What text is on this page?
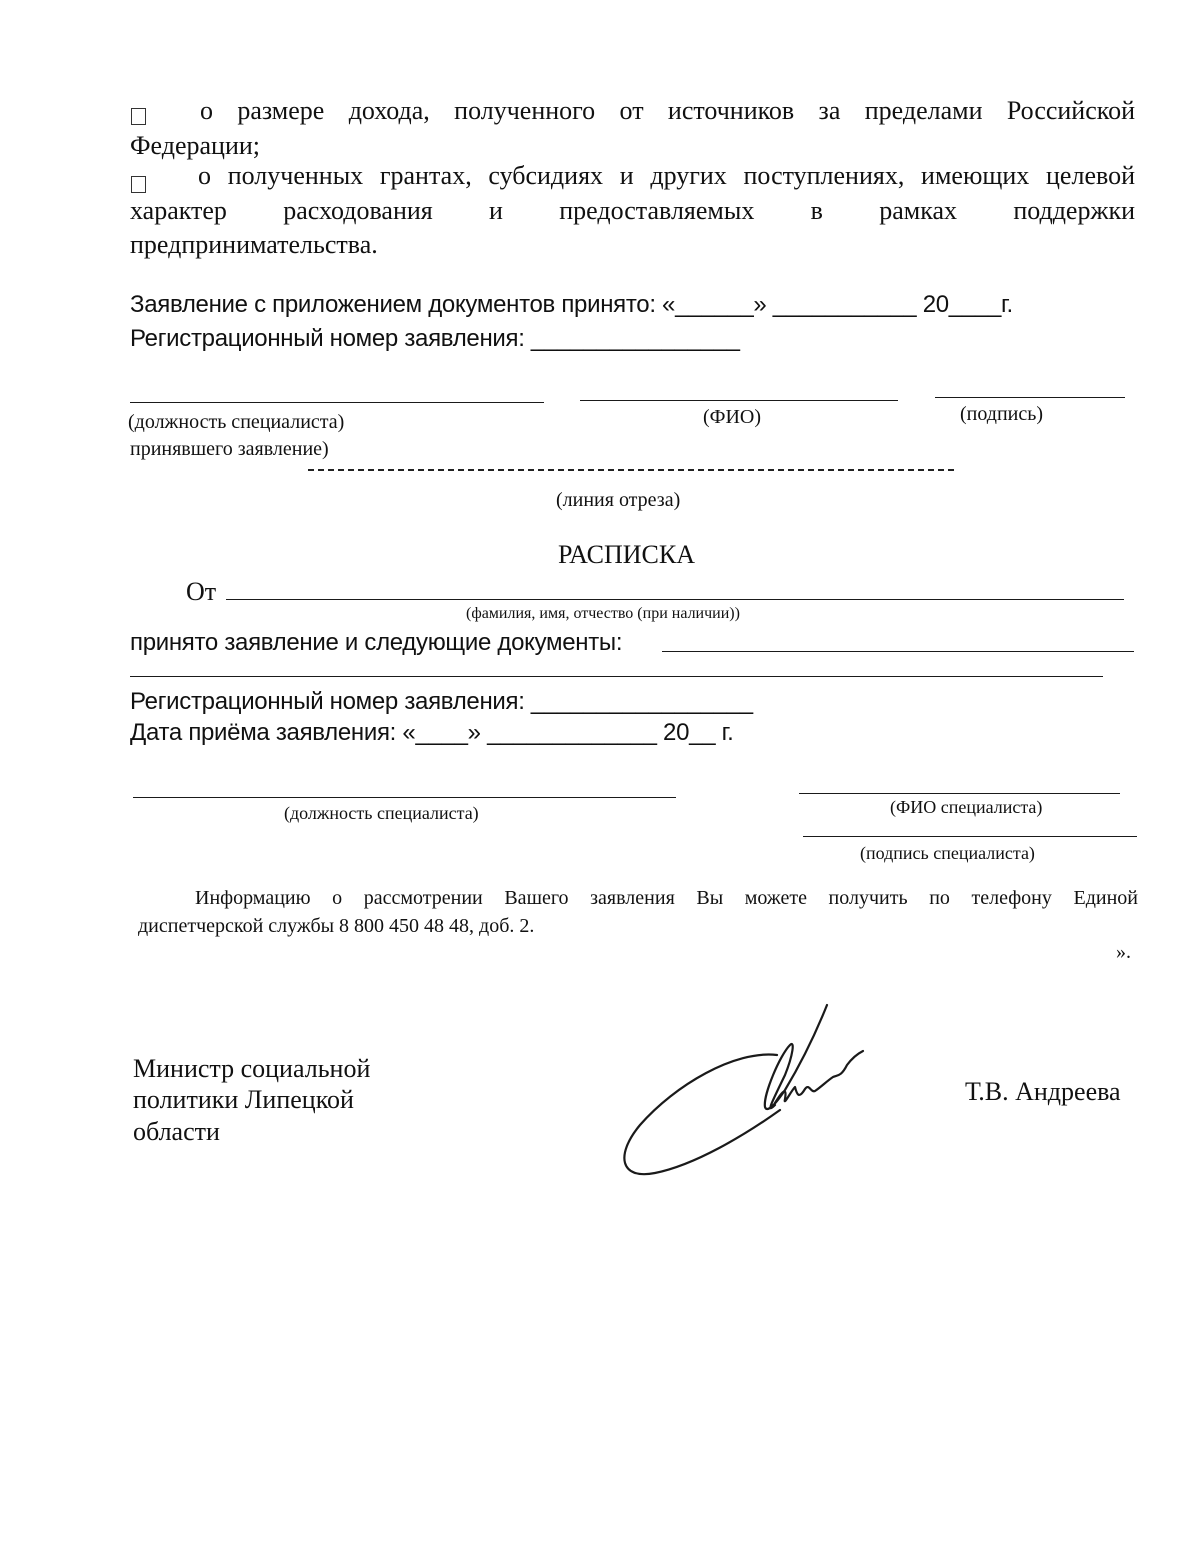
о размере дохода, полученного от источников за пределами Российской
Федерации;
о полученных грантах, субсидиях и других поступлениях, имеющих целевой
характер расходования и предоставляемых в рамках поддержки
предпринимательства.
Заявление с приложением документов принято: «______» ___________ 20____г.
Регистрационный номер заявления: ________________
(должность специалиста)
принявшего заявление)
(ФИО)	(подпись)
(линия отреза)
РАСПИСКА
От
(фамилия, имя, отчество (при наличии))
принято заявление и следующие документы:
Регистрационный номер заявления: _________________
Дата приёма заявления: «____» _____________ 20__ г.
(должность специалиста)	(ФИО специалиста)
(подпись специалиста)
Информацию о рассмотрении Вашего заявления Вы можете получить по телефону Единой
диспетчерской службы 8 800 450 48 48, доб. 2.
».
Министр социальной
политики Липецкой
области
Т.В. Андреева
